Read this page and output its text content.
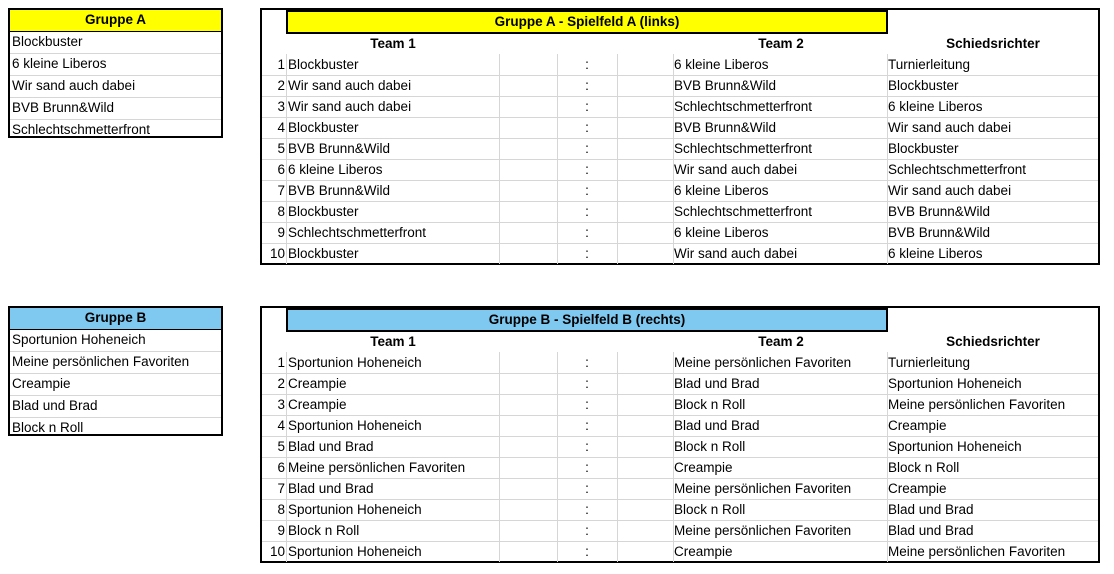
Gruppe A
Blockbuster
6 kleine Liberos
Wir sand auch dabei
BVB Brunn&Wild
Schlechtschmetterfront
Gruppe B
Sportunion Hoheneich
Meine persönlichen Favoriten
Creampie
Blad und Brad
Block n Roll
Gruppe A - Spielfeld A (links)
Team 1	Team 2	Schiedsrichter
1 Blockbuster	:	6 kleine Liberos	Turnierleitung
2 Wir sand auch dabei	:	BVB Brunn&Wild	Blockbuster
3 Wir sand auch dabei	:	Schlechtschmetterfront	6 kleine Liberos
4 Blockbuster	:	BVB Brunn&Wild	Wir sand auch dabei
5 BVB Brunn&Wild	:	Schlechtschmetterfront	Blockbuster
6 6 kleine Liberos	:	Wir sand auch dabei	Schlechtschmetterfront
7 BVB Brunn&Wild	:	6 kleine Liberos	Wir sand auch dabei
8 Blockbuster	:	Schlechtschmetterfront	BVB Brunn&Wild
9 Schlechtschmetterfront	:	6 kleine Liberos	BVB Brunn&Wild
10 Blockbuster	:	Wir sand auch dabei	6 kleine Liberos
Gruppe B - Spielfeld B (rechts)
Team 1	Team 2	Schiedsrichter
1 Sportunion Hoheneich	:	Meine persönlichen Favoriten	Turnierleitung
2 Creampie	:	Blad und Brad	Sportunion Hoheneich
3 Creampie	:	Block n Roll	Meine persönlichen Favoriten
4 Sportunion Hoheneich	:	Blad und Brad	Creampie
5 Blad und Brad	:	Block n Roll	Sportunion Hoheneich
6 Meine persönlichen Favoriten	:	Creampie	Block n Roll
7 Blad und Brad	:	Meine persönlichen Favoriten	Creampie
8 Sportunion Hoheneich	:	Block n Roll	Blad und Brad
9 Block n Roll	:	Meine persönlichen Favoriten	Blad und Brad
10 Sportunion Hoheneich	:	Creampie	Meine persönlichen Favoriten
